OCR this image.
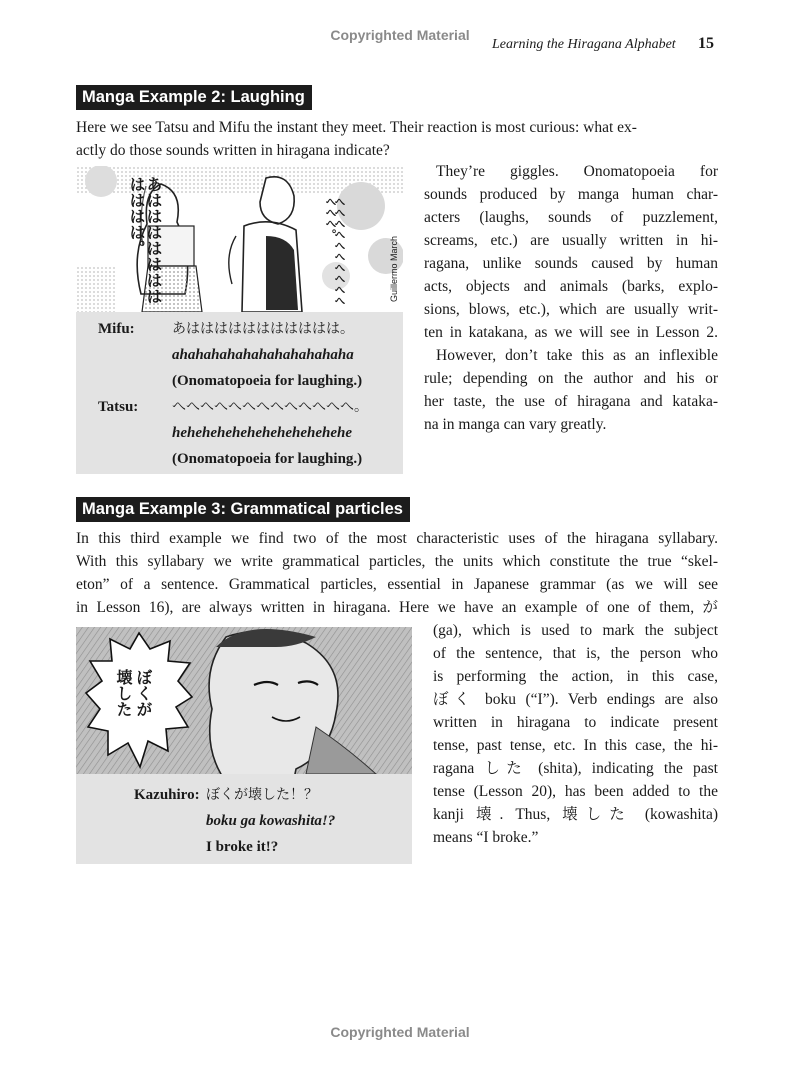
Copyrighted Material
Learning the Hiragana Alphabet 15
Manga Example 2: Laughing

Here we see Tatsu and Mifu the instant they meet. Their reaction is most curious: what ex-

actly do those sounds written in hiragana indicate?

あははははははははははは。	へへへへへへへへへへへへへ。
Guillermo March
Mifu:	あははははははははははは。
ahahahahahahahahahahaha
(Onomatopoeia for laughing.)
Tatsu: へへへへへへへへへへへへへ。
hehehehehehehehehehehehe
(Onomatopoeia for laughing.)
They’re giggles. Onomatopoeia for
sounds produced by manga human char-
acters (laughs, sounds of puzzlement,
screams, etc.) are usually written in hi-
ragana, unlike sounds caused by human
acts, objects and animals (barks, explo-
sions, blows, etc.), which are usually writ-
ten in katakana, as we will see in Lesson 2.
However, don’t take this as an inflexible
rule; depending on the author and his or
her taste, the use of hiragana and kataka-
na in manga can vary greatly.
Manga Example 3: Grammatical particles
In this third example we find two of the most characteristic uses of the hiragana syllabary.
With this syllabary we write grammatical particles, the units which constitute the true “skel-
eton” of a sentence. Grammatical particles, essential in Japanese grammar (as we will see
in Lesson 16), are always written in hiragana. Here we have an example of one of them, が
ぼくが
壊した
Kazuhiro: ぼくが壊した！？
boku ga kowashita!?
I broke it!?
(ga), which is used to mark the subject
of the sentence, that is, the person who
is performing the action, in this case,
ぼく boku (“I”). Verb endings are also
written in hiragana to indicate present
tense, past tense, etc. In this case, the hi-
ragana した (shita), indicating the past
tense (Lesson 20), has been added to the
kanji 壊. Thus, 壊した (kowashita)
means “I broke.”
Copyrighted Material
